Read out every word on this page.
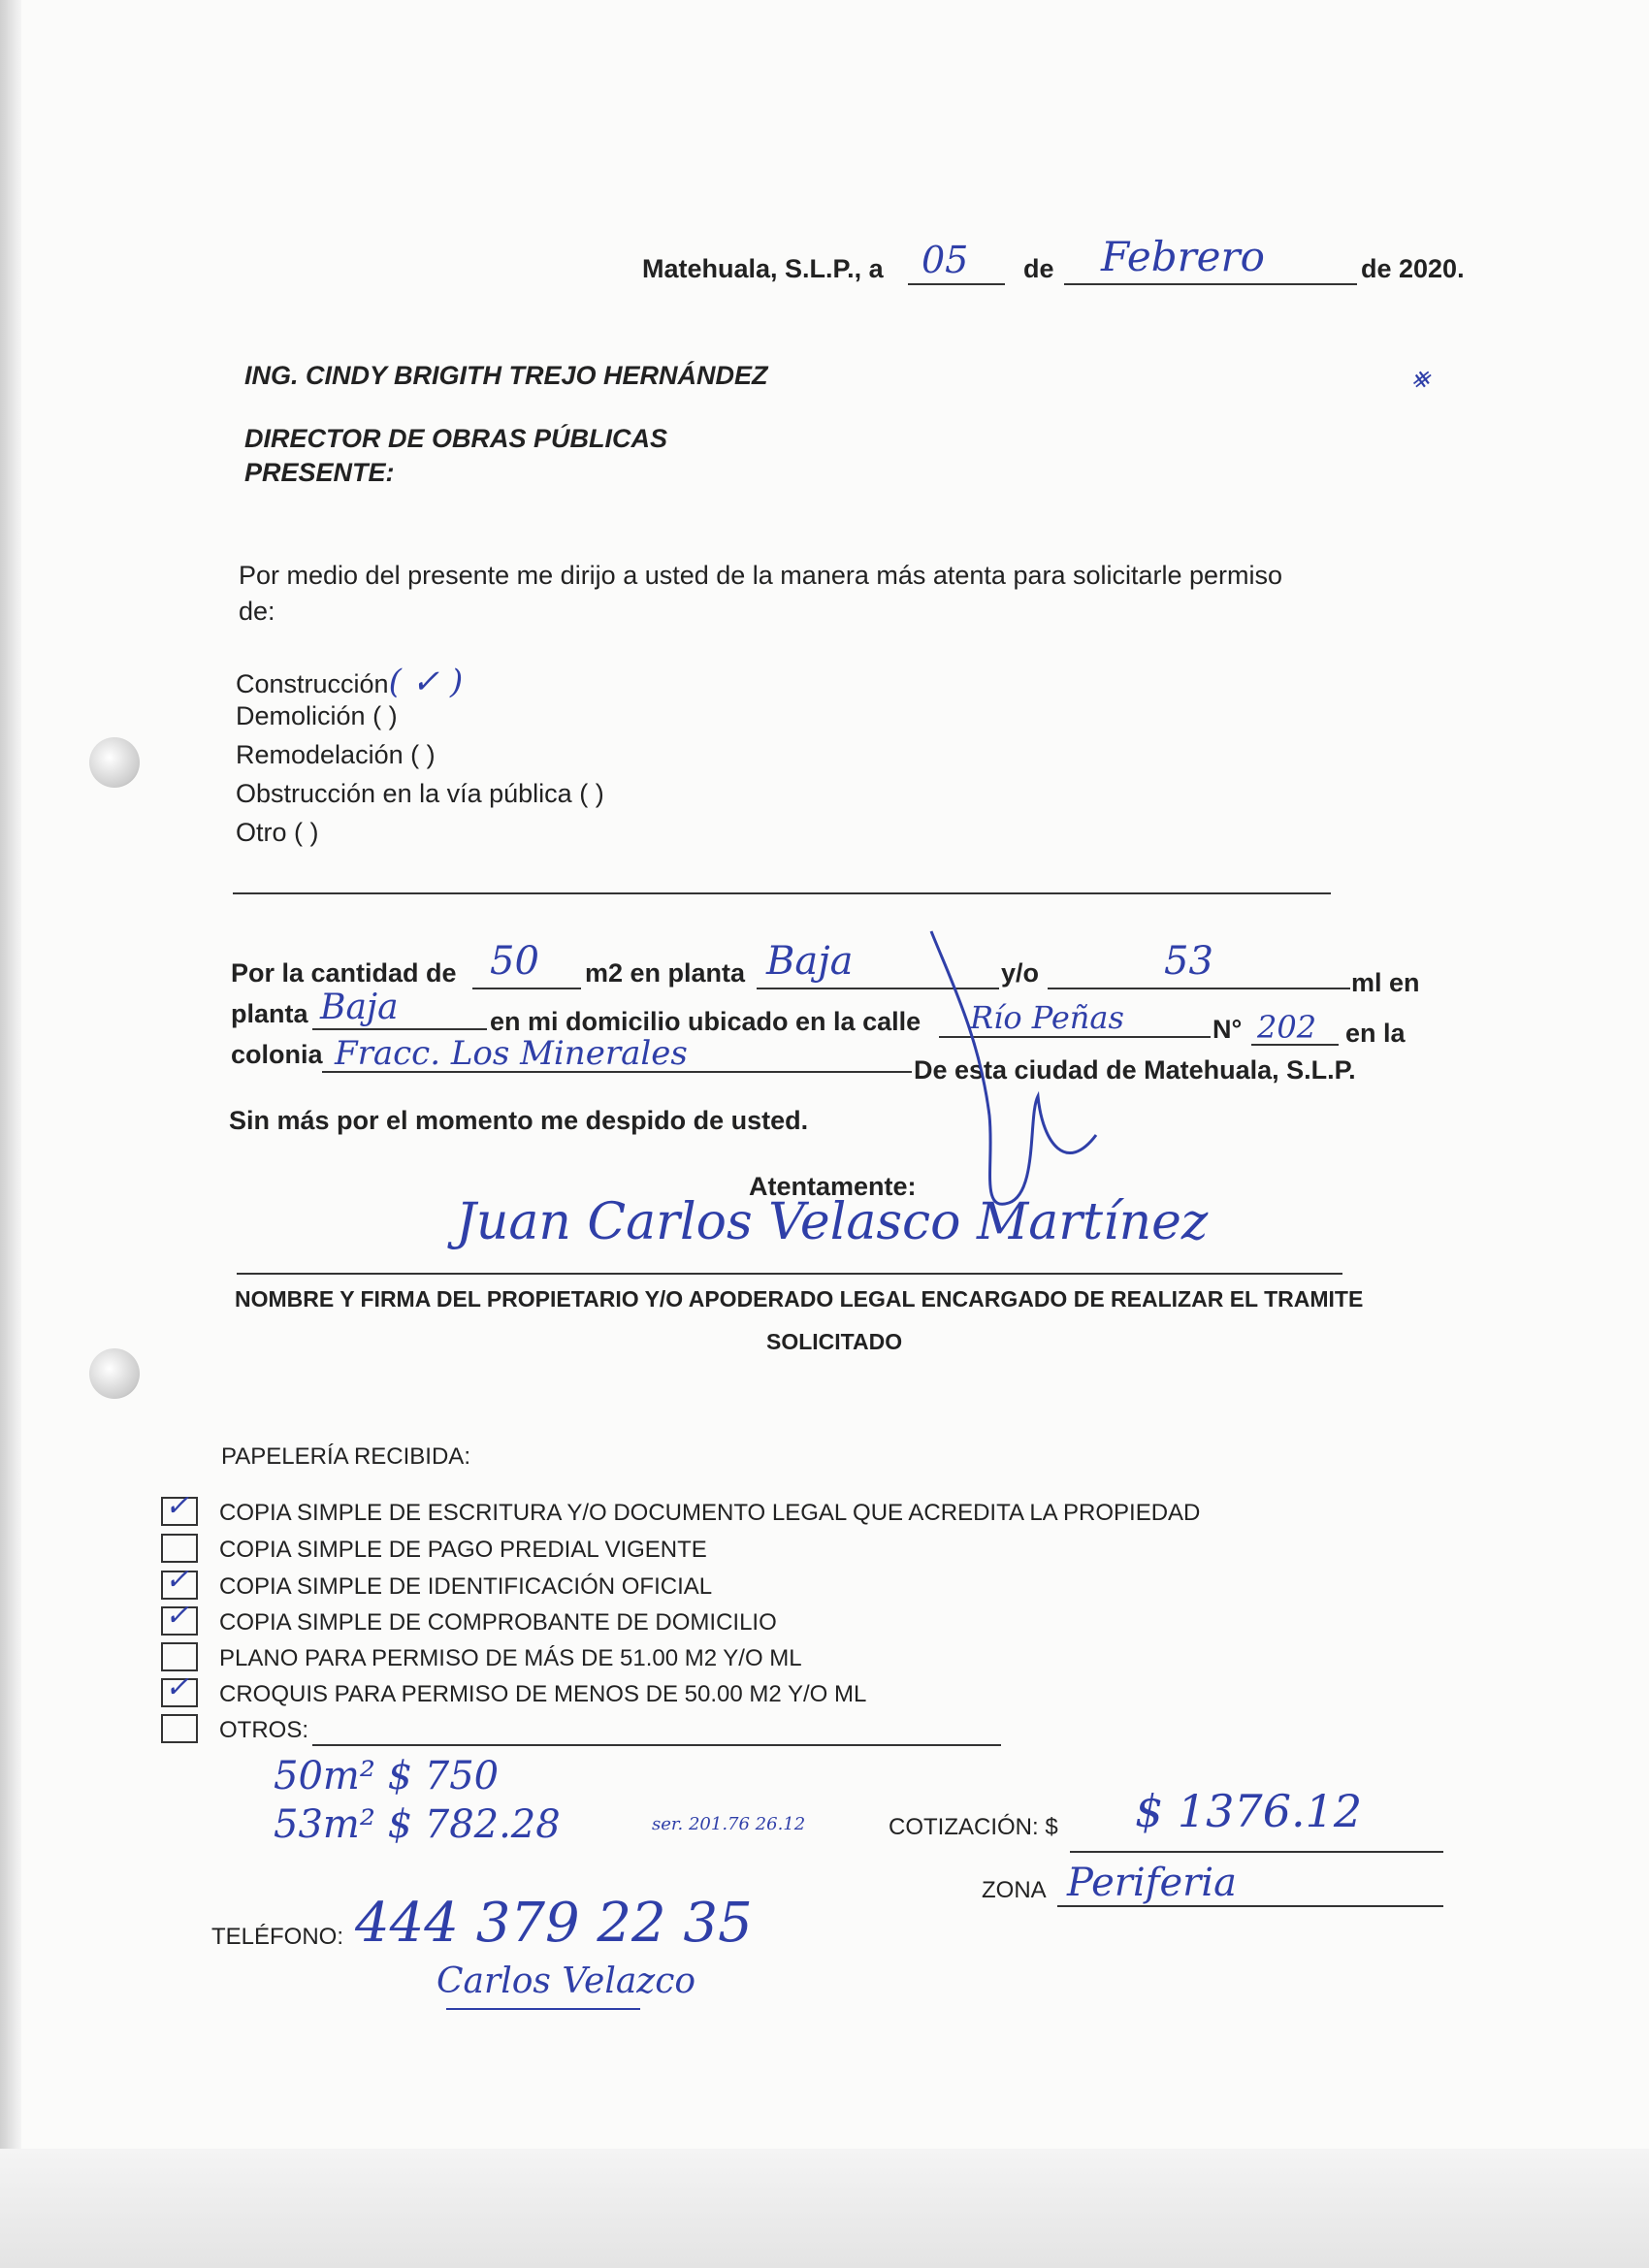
Matehuala, S.L.P., a 05 de Febrero	de 2020.
ING. CINDY BRIGITH TREJO HERNÁNDEZ
DIRECTOR DE OBRAS PÚBLICAS
PRESENTE:
⨳
Por medio del presente me dirijo a usted de la manera más atenta para solicitarle permiso
de:
Construcción( ✓ )
Demolición ( )
Remodelación ( )
Obstrucción en la vía pública ( )
Otro ( )
Por la cantidad de 50 m2 en planta Baja	y/o	53	ml en
planta Baja	en mi domicilio ubicado en la calle Río Peñas	N° 202 en la
colonia Fracc. Los Minerales	De esta ciudad de Matehuala, S.L.P.
Sin más por el momento me despido de usted.
Atentamente:
Juan Carlos Velasco Martínez
NOMBRE Y FIRMA DEL PROPIETARIO Y/O APODERADO LEGAL ENCARGADO DE REALIZAR EL TRAMITE
SOLICITADO
PAPELERÍA RECIBIDA:
✓ COPIA SIMPLE DE ESCRITURA Y/O DOCUMENTO LEGAL QUE ACREDITA LA PROPIEDAD
COPIA SIMPLE DE PAGO PREDIAL VIGENTE
✓ COPIA SIMPLE DE IDENTIFICACIÓN OFICIAL
✓ COPIA SIMPLE DE COMPROBANTE DE DOMICILIO
PLANO PARA PERMISO DE MÁS DE 51.00 M2 Y/O ML
✓ CROQUIS PARA PERMISO DE MENOS DE 50.00 M2 Y/O ML
OTROS:
50m² $ 750
53m² $ 782.28	ser. 201.76 26.12	COTIZACIÓN: $ $ 1376.12
ZONA Periferia
TELÉFONO: 444 379 22 35
Carlos Velazco
